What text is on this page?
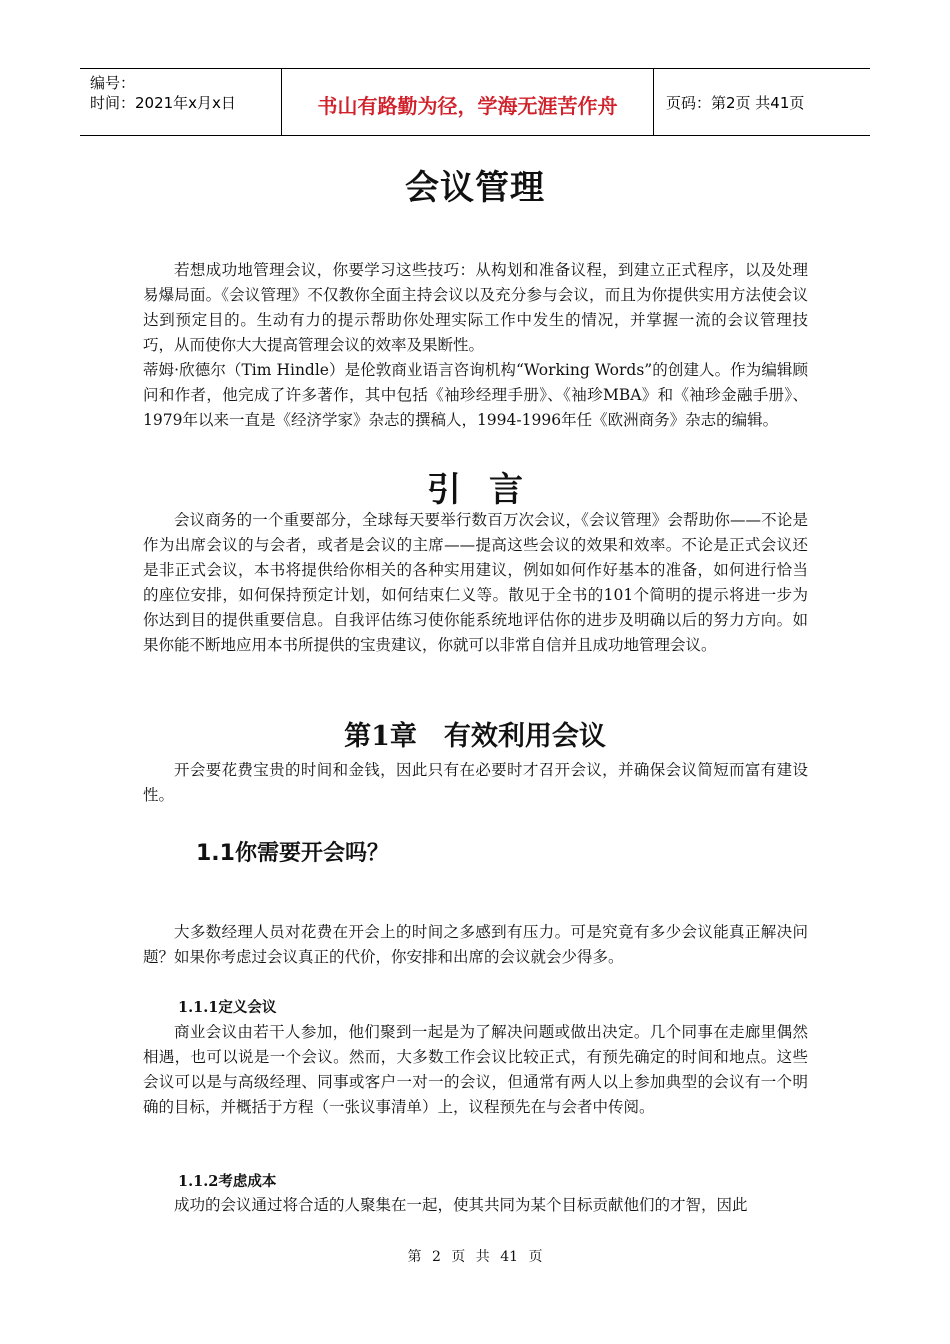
编号：
时间：2021年x月x日	书山有路勤为径，学海无涯苦作舟	页码：第2页 共41页
会议管理

若想成功地管理会议，你要学习这些技巧：从构划和准备议程，到建立正式程序，以及处理易爆局面。《会议管理》不仅教你全面主持会议以及充分参与会议，而且为你提供实用方法使会议达到预定目的。生动有力的提示帮助你处理实际工作中发生的情况，并掌握一流的会议管理技巧，从而使你大大提高管理会议的效率及果断性。

蒂姆·欣德尔（Tim Hindle）是伦敦商业语言咨询机构“Working Words”的创建人。作为编辑顾问和作者，他完成了许多著作，其中包括《袖珍经理手册》、《袖珍MBA》和《袖珍金融手册》、1979年以来一直是《经济学家》杂志的撰稿人，1994-1996年任《欧洲商务》杂志的编辑。

引言

会议商务的一个重要部分，全球每天要举行数百万次会议，《会议管理》会帮助你——不论是作为出席会议的与会者，或者是会议的主席——提高这些会议的效果和效率。不论是正式会议还是非正式会议，本书将提供给你相关的各种实用建议，例如如何作好基本的准备，如何进行恰当的座位安排，如何保持预定计划，如何结束仁义等。散见于全书的101个简明的提示将进一步为你达到目的提供重要信息。自我评估练习使你能系统地评估你的进步及明确以后的努力方向。如果你能不断地应用本书所提供的宝贵建议，你就可以非常自信并且成功地管理会议。

第1章　有效利用会议

开会要花费宝贵的时间和金钱，因此只有在必要时才召开会议，并确保会议简短而富有建设性。

1.1你需要开会吗？

大多数经理人员对花费在开会上的时间之多感到有压力。可是究竟有多少会议能真正解决问题？如果你考虑过会议真正的代价，你安排和出席的会议就会少得多。

1.1.1定义会议

商业会议由若干人参加，他们聚到一起是为了解决问题或做出决定。几个同事在走廊里偶然相遇，也可以说是一个会议。然而，大多数工作会议比较正式，有预先确定的时间和地点。这些会议可以是与高级经理、同事或客户一对一的会议，但通常有两人以上参加典型的会议有一个明确的目标，并概括于方程（一张议事清单）上，议程预先在与会者中传阅。

1.1.2考虑成本

成功的会议通过将合适的人聚集在一起，使其共同为某个目标贡献他们的才智，因此

第 2 页 共 41 页
